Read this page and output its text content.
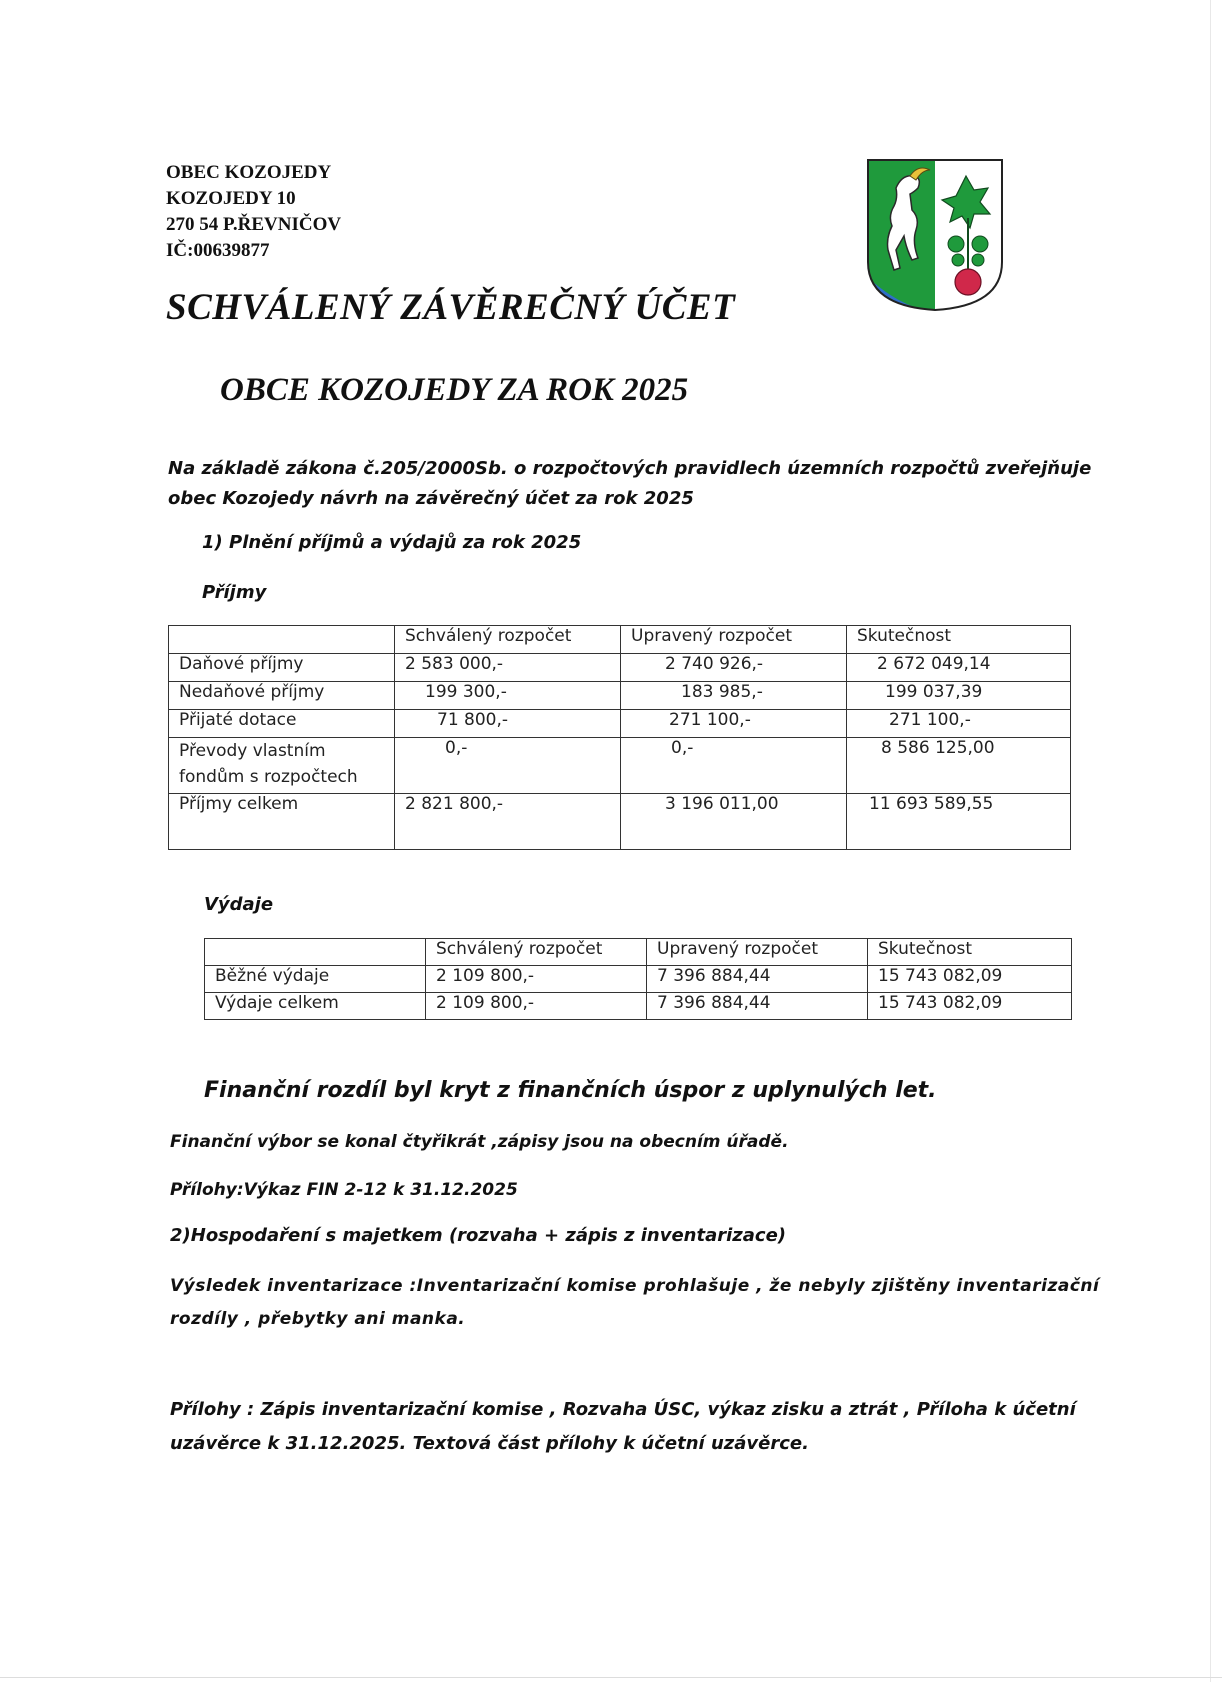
OBEC KOZOJEDY
KOZOJEDY 10
270 54 P.ŘEVNIČOV
IČ:00639877
SCHVÁLENÝ ZÁVĚREČNÝ ÚČET
OBCE KOZOJEDY ZA ROK 2025
Na základě zákona č.205/2000Sb. o rozpočtových pravidlech územních rozpočtů zveřejňuje
obec Kozojedy návrh na závěrečný účet za rok 2025
1) Plnění příjmů a výdajů za rok 2025
Příjmy
	Schválený rozpočet	Upravený rozpočet	Skutečnost
Daňové příjmy	2 583 000,-	2 740 926,-	2 672 049,14
Nedaňové příjmy	199 300,-	183 985,-	199 037,39
Přijaté dotace	71 800,-	271 100,-	271 100,-
Převody vlastním fondům s rozpočtech	0,-	0,-	8 586 125,00
Příjmy celkem	2 821 800,-	3 196 011,00	11 693 589,55
Výdaje
	Schválený rozpočet	Upravený rozpočet	Skutečnost
Běžné výdaje	2 109 800,-	7 396 884,44	15 743 082,09
Výdaje celkem	2 109 800,-	7 396 884,44	15 743 082,09
Finanční rozdíl byl kryt z finančních úspor z uplynulých let.
Finanční výbor se konal čtyřikrát ,zápisy jsou na obecním úřadě.
Přílohy:Výkaz FIN 2-12 k 31.12.2025
2)Hospodaření s majetkem (rozvaha + zápis z inventarizace)
Výsledek inventarizace :Inventarizační komise prohlašuje , že nebyly zjištěny inventarizační
rozdíly , přebytky ani manka.
Přílohy : Zápis inventarizační komise , Rozvaha ÚSC, výkaz zisku a ztrát , Příloha k účetní
uzávěrce k 31.12.2025. Textová část přílohy k účetní uzávěrce.
